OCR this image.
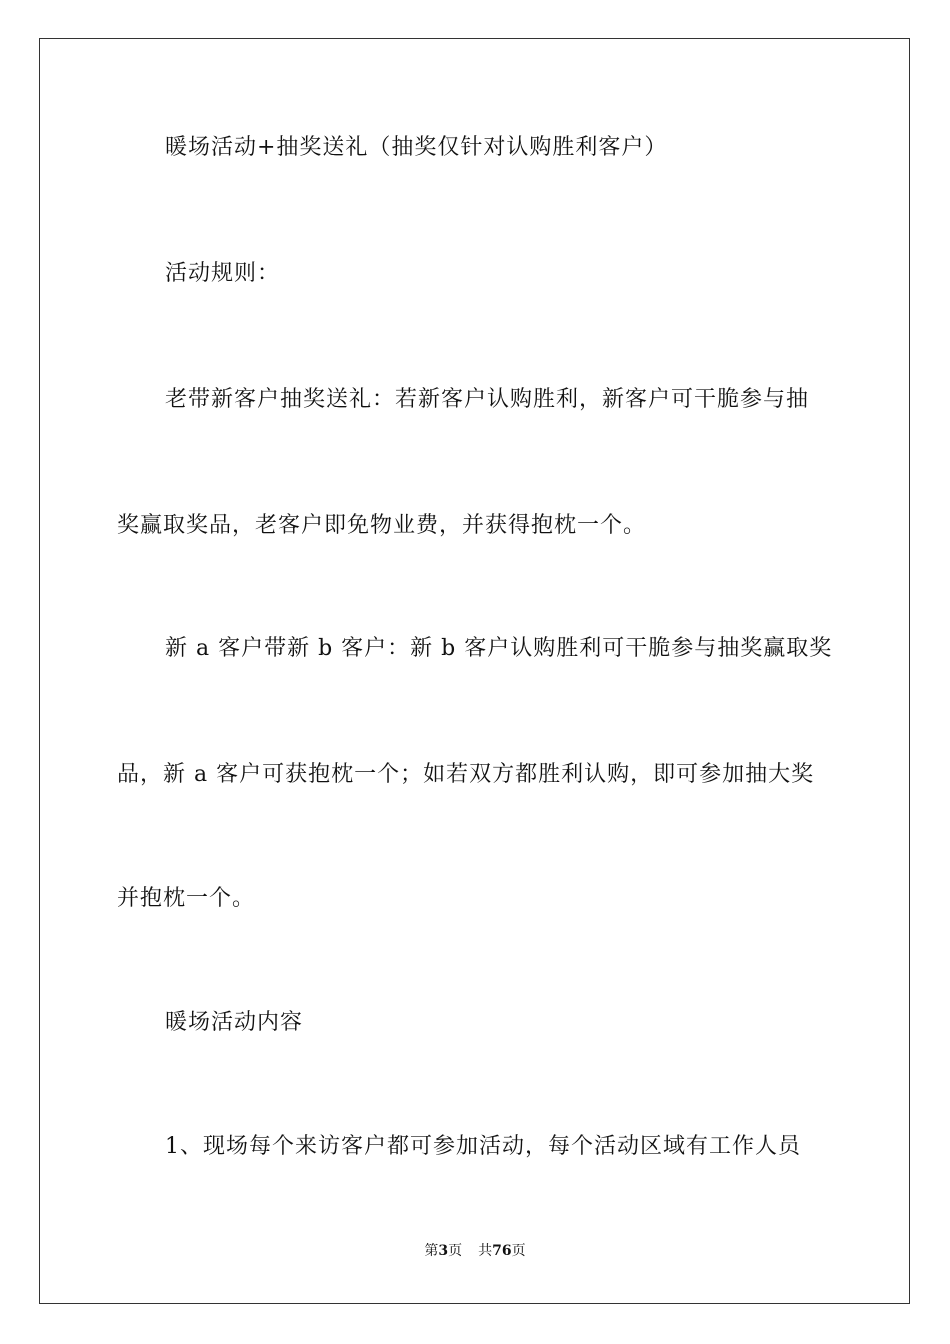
暖场活动+抽奖送礼（抽奖仅针对认购胜利客户）

活动规则：

老带新客户抽奖送礼：若新客户认购胜利，新客户可干脆参与抽

奖赢取奖品，老客户即免物业费，并获得抱枕一个。

新 a 客户带新 b 客户：新 b 客户认购胜利可干脆参与抽奖赢取奖

品，新 a 客户可获抱枕一个；如若双方都胜利认购，即可参加抽大奖

并抱枕一个。

暖场活动内容

1、现场每个来访客户都可参加活动，每个活动区域有工作人员

第3页 共76页
